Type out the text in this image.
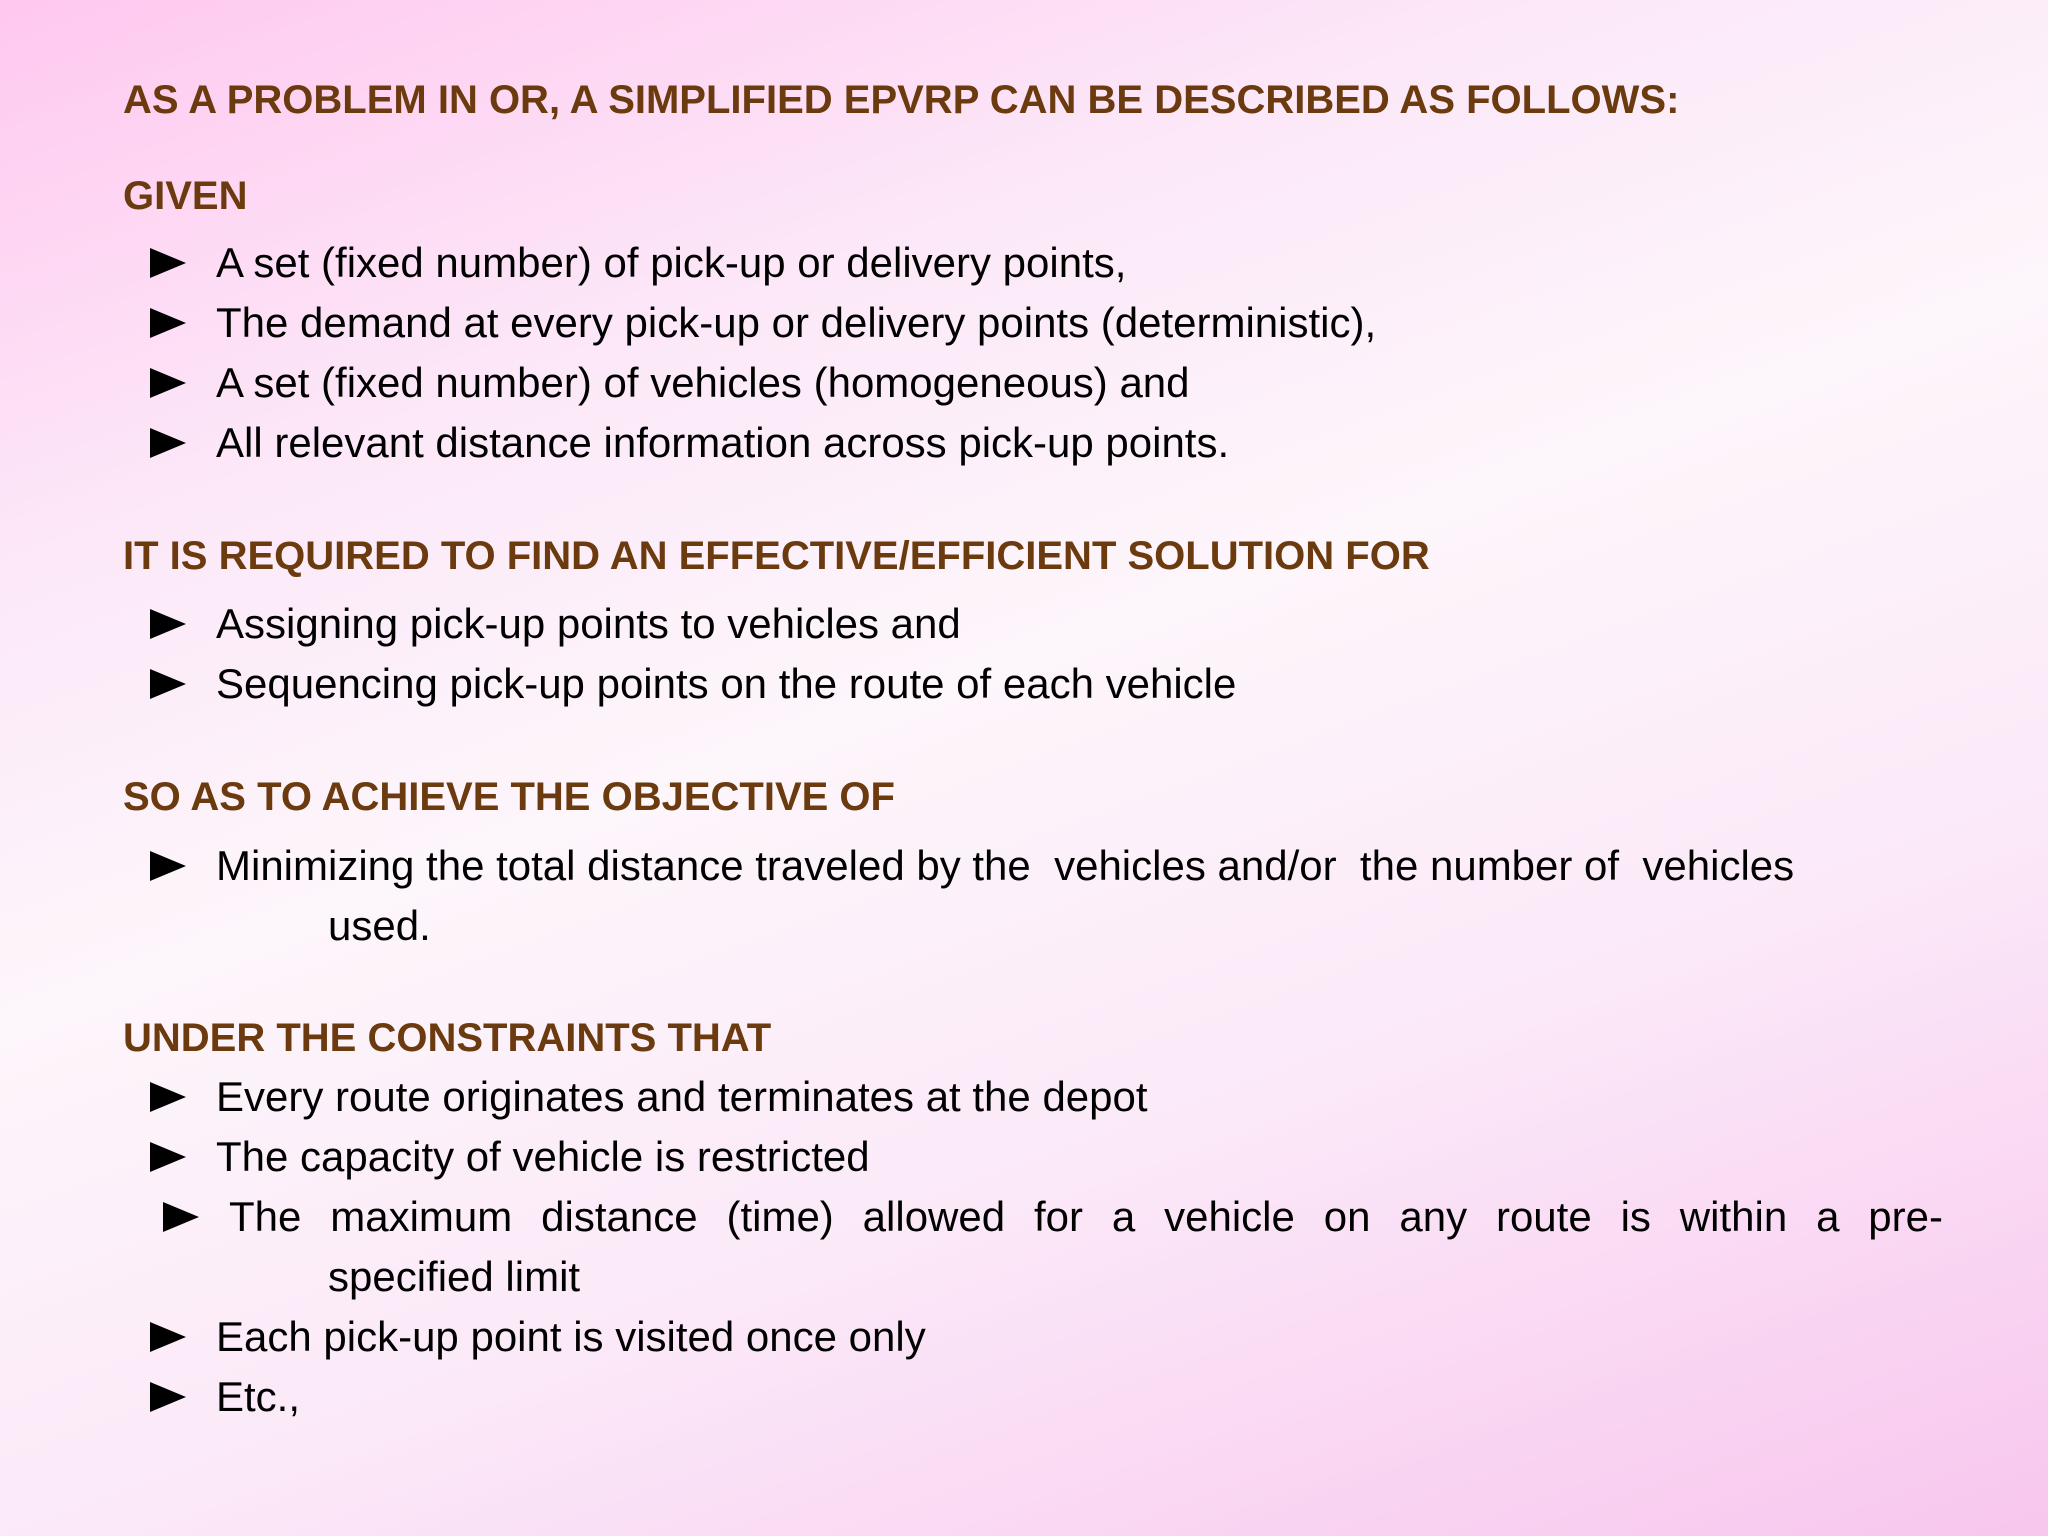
AS A PROBLEM IN OR, A SIMPLIFIED EPVRP CAN BE DESCRIBED AS FOLLOWS:
GIVEN
A set (fixed number) of pick-up or delivery points,
The demand at every pick-up or delivery points (deterministic),
A set (fixed number) of vehicles (homogeneous) and
All relevant distance information across pick-up points.
IT IS REQUIRED TO FIND AN EFFECTIVE/EFFICIENT SOLUTION FOR
Assigning pick-up points to vehicles and
Sequencing pick-up points on the route of each vehicle
SO AS TO ACHIEVE THE OBJECTIVE OF
Minimizing the total distance traveled by the  vehicles and/or  the number of  vehicles
used.
UNDER THE CONSTRAINTS THAT
Every route originates and terminates at the depot
The capacity of vehicle is restricted
The maximum distance (time) allowed for a vehicle on any route is within a pre-
specified limit
Each pick-up point is visited once only
Etc.,
